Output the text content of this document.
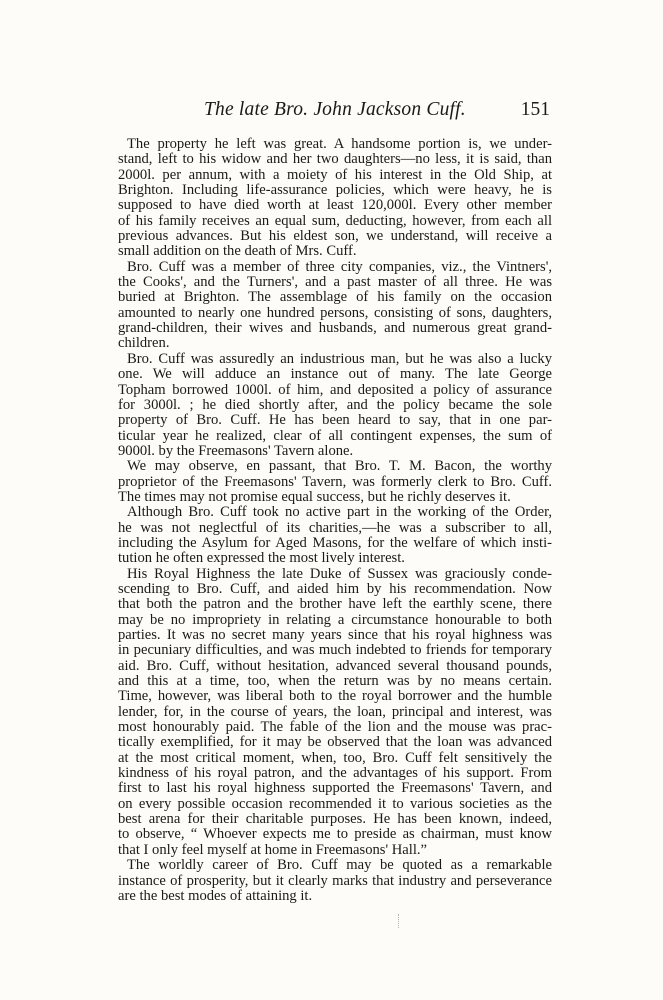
The late Bro. John Jackson Cuff.	151
The property he left was great. A handsome portion is, we under-
stand, left to his widow and her two daughters—no less, it is said, than
2000l. per annum, with a moiety of his interest in the Old Ship, at
Brighton. Including life-assurance policies, which were heavy, he is
supposed to have died worth at least 120,000l. Every other member
of his family receives an equal sum, deducting, however, from each all
previous advances. But his eldest son, we understand, will receive a
small addition on the death of Mrs. Cuff.
Bro. Cuff was a member of three city companies, viz., the Vintners',
the Cooks', and the Turners', and a past master of all three. He was
buried at Brighton. The assemblage of his family on the occasion
amounted to nearly one hundred persons, consisting of sons, daughters,
grand-children, their wives and husbands, and numerous great grand-
children.
Bro. Cuff was assuredly an industrious man, but he was also a lucky
one. We will adduce an instance out of many. The late George
Topham borrowed 1000l. of him, and deposited a policy of assurance
for 3000l. ; he died shortly after, and the policy became the sole
property of Bro. Cuff. He has been heard to say, that in one par-
ticular year he realized, clear of all contingent expenses, the sum of
9000l. by the Freemasons' Tavern alone.
We may observe, en passant, that Bro. T. M. Bacon, the worthy
proprietor of the Freemasons' Tavern, was formerly clerk to Bro. Cuff.
The times may not promise equal success, but he richly deserves it.
Although Bro. Cuff took no active part in the working of the Order,
he was not neglectful of its charities,—he was a subscriber to all,
including the Asylum for Aged Masons, for the welfare of which insti-
tution he often expressed the most lively interest.
His Royal Highness the late Duke of Sussex was graciously conde-
scending to Bro. Cuff, and aided him by his recommendation. Now
that both the patron and the brother have left the earthly scene, there
may be no impropriety in relating a circumstance honourable to both
parties. It was no secret many years since that his royal highness was
in pecuniary difficulties, and was much indebted to friends for temporary
aid. Bro. Cuff, without hesitation, advanced several thousand pounds,
and this at a time, too, when the return was by no means certain.
Time, however, was liberal both to the royal borrower and the humble
lender, for, in the course of years, the loan, principal and interest, was
most honourably paid. The fable of the lion and the mouse was prac-
tically exemplified, for it may be observed that the loan was advanced
at the most critical moment, when, too, Bro. Cuff felt sensitively the
kindness of his royal patron, and the advantages of his support. From
first to last his royal highness supported the Freemasons' Tavern, and
on every possible occasion recommended it to various societies as the
best arena for their charitable purposes. He has been known, indeed,
to observe, “ Whoever expects me to preside as chairman, must know
that I only feel myself at home in Freemasons' Hall.”
The worldly career of Bro. Cuff may be quoted as a remarkable
instance of prosperity, but it clearly marks that industry and perseverance
are the best modes of attaining it.
